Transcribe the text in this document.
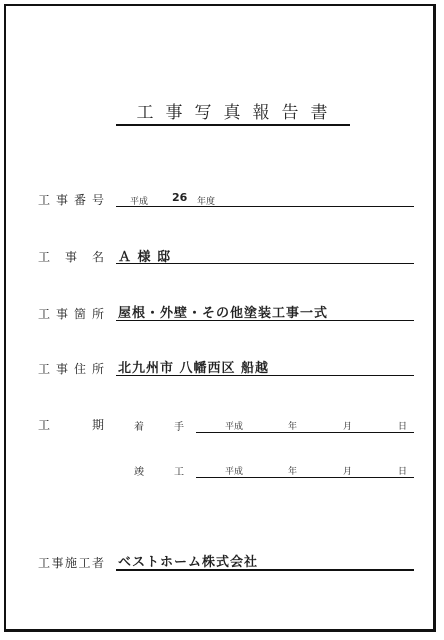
工事写真報告書
工事番号	平成 26 年度
工事名 Ａ 様 邸
工事箇所 屋根・外壁・その他塗装工事一式
工事住所 北九州市 八幡西区 船越
工期	着手	平成	年	月	日
竣工	平成	年	月	日
工事施工者 ベストホーム株式会社
